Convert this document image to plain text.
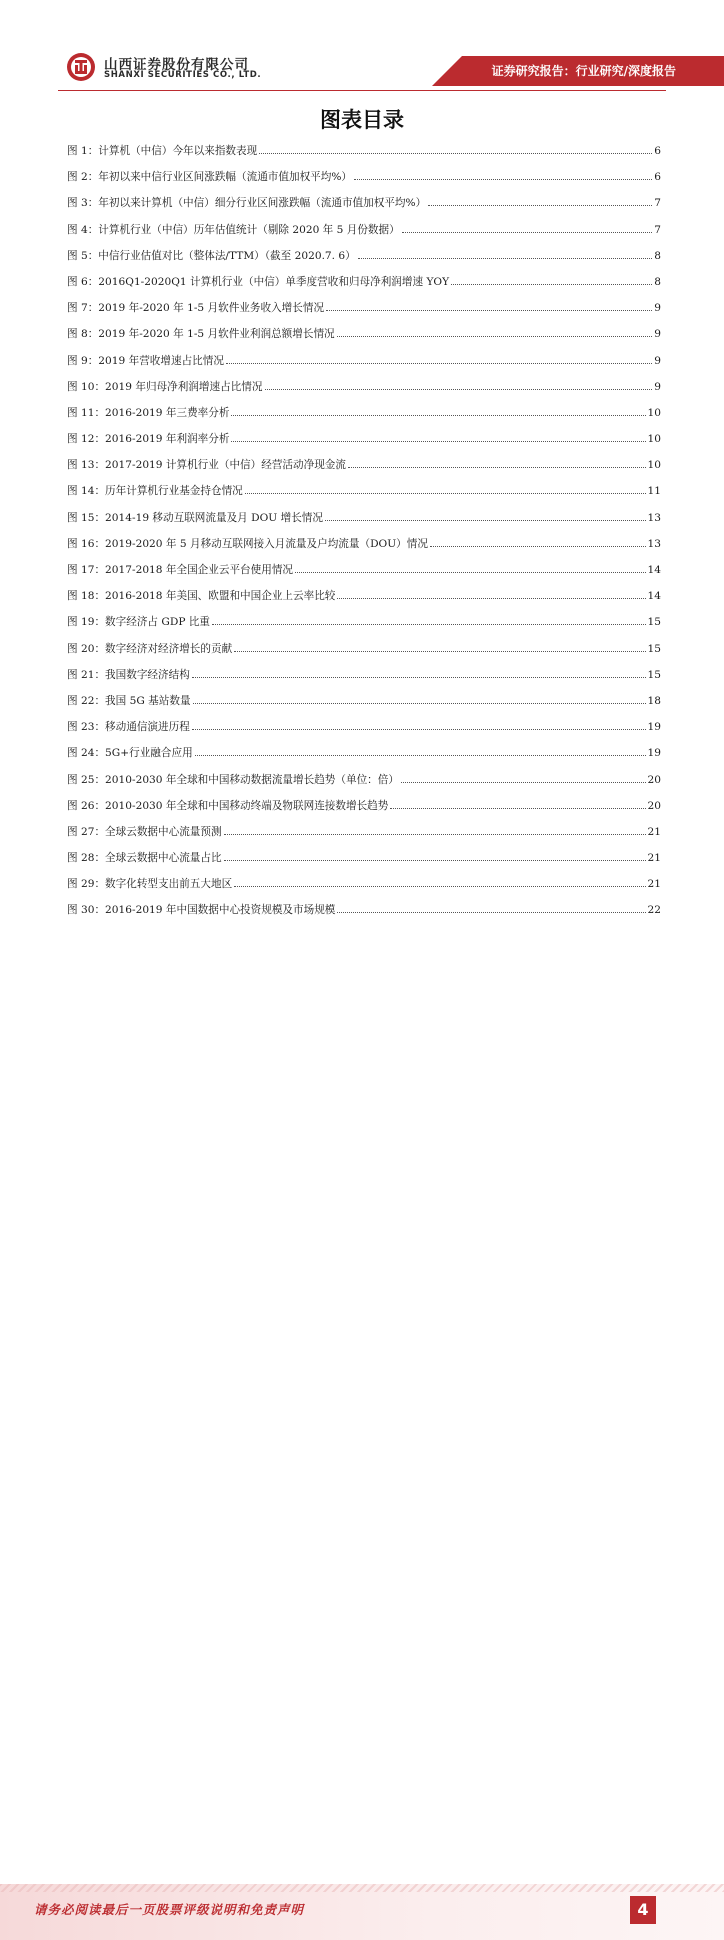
山西证券股份有限公司
SHANXI SECURITIES CO., LTD.	证券研究报告：行业研究/深度报告
图表目录
图 1：计算机（中信）今年以来指数表现	6
图 2：年初以来中信行业区间涨跌幅（流通市值加权平均%）	6
图 3：年初以来计算机（中信）细分行业区间涨跌幅（流通市值加权平均%）	7
图 4：计算机行业（中信）历年估值统计（剔除 2020 年 5 月份数据）	7
图 5：中信行业估值对比（整体法/TTM）（截至 2020.7. 6）	8
图 6：2016Q1-2020Q1 计算机行业（中信）单季度营收和归母净利润增速 YOY	8
图 7：2019 年-2020 年 1-5 月软件业务收入增长情况	9
图 8：2019 年-2020 年 1-5 月软件业利润总额增长情况	9
图 9：2019 年营收增速占比情况	9
图 10：2019 年归母净利润增速占比情况	9
图 11：2016-2019 年三费率分析	10
图 12：2016-2019 年利润率分析	10
图 13：2017-2019 计算机行业（中信）经营活动净现金流	10
图 14：历年计算机行业基金持仓情况	11
图 15：2014-19 移动互联网流量及月 DOU 增长情况	13
图 16：2019-2020 年 5 月移动互联网接入月流量及户均流量（DOU）情况	13
图 17：2017-2018 年全国企业云平台使用情况	14
图 18：2016-2018 年美国、欧盟和中国企业上云率比较	14
图 19：数字经济占 GDP 比重	15
图 20：数字经济对经济增长的贡献	15
图 21：我国数字经济结构	15
图 22：我国 5G 基站数量	18
图 23：移动通信演进历程	19
图 24：5G+行业融合应用	19
图 25：2010-2030 年全球和中国移动数据流量增长趋势（单位：倍）	20
图 26：2010-2030 年全球和中国移动终端及物联网连接数增长趋势	20
图 27：全球云数据中心流量预测	21
图 28：全球云数据中心流量占比	21
图 29：数字化转型支出前五大地区	21
图 30：2016-2019 年中国数据中心投资规模及市场规模	22
请务必阅读最后一页股票评级说明和免责声明	4
